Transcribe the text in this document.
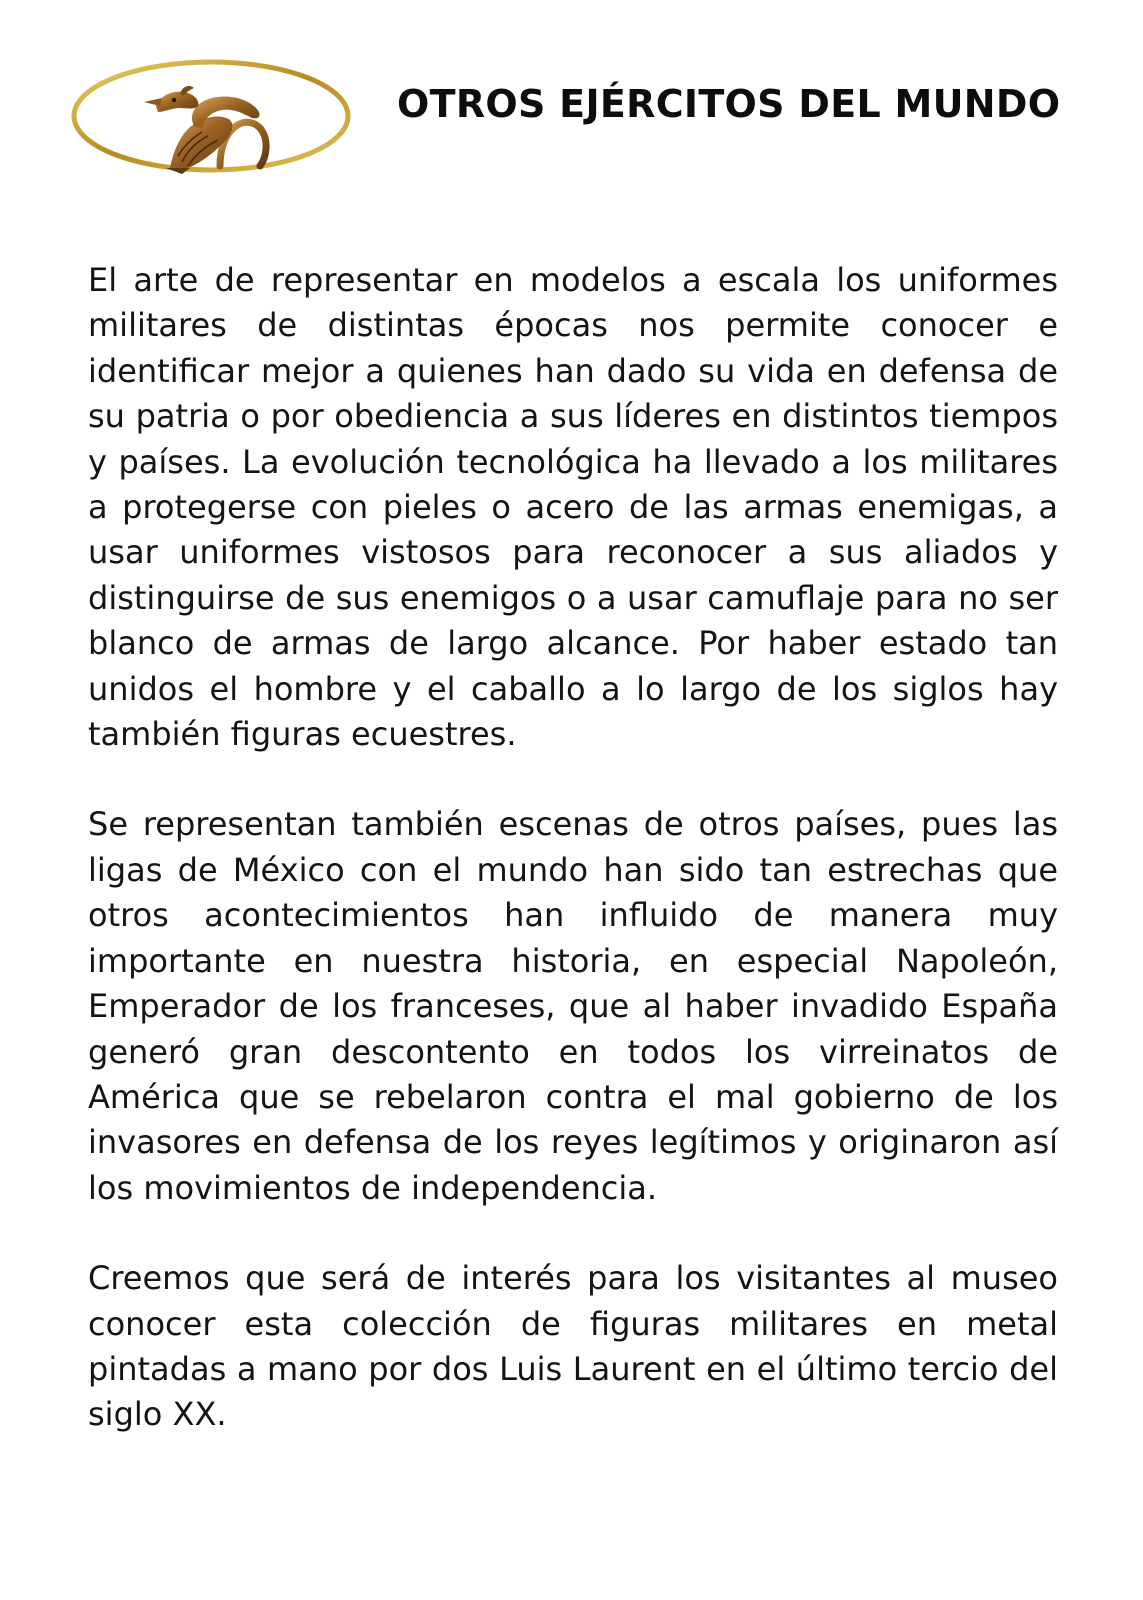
OTROS EJÉRCITOS DEL MUNDO

El arte de representar en modelos a escala los uniformes militares de distintas épocas nos permite conocer e identificar mejor a quienes han dado su vida en defensa de su patria o por obediencia a sus líderes en distintos tiempos y países. La evolución tecnológica ha llevado a los militares a protegerse con pieles o acero de las armas enemigas, a usar uniformes vistosos para reconocer a sus aliados y distinguirse de sus enemigos o a usar camuflaje para no ser blanco de armas de largo alcance. Por haber estado tan unidos el hombre y el caballo a lo largo de los siglos hay también figuras ecuestres.

Se representan también escenas de otros países, pues las ligas de México con el mundo han sido tan estrechas que otros acontecimientos han influido de manera muy importante en nuestra historia, en especial Napoleón, Emperador de los franceses, que al haber invadido España generó gran descontento en todos los virreinatos de América que se rebelaron contra el mal gobierno de los invasores en defensa de los reyes legítimos y originaron así los movimientos de independencia.

Creemos que será de interés para los visitantes al museo conocer esta colección de figuras militares en metal pintadas a mano por dos Luis Laurent en el último tercio del siglo XX.
